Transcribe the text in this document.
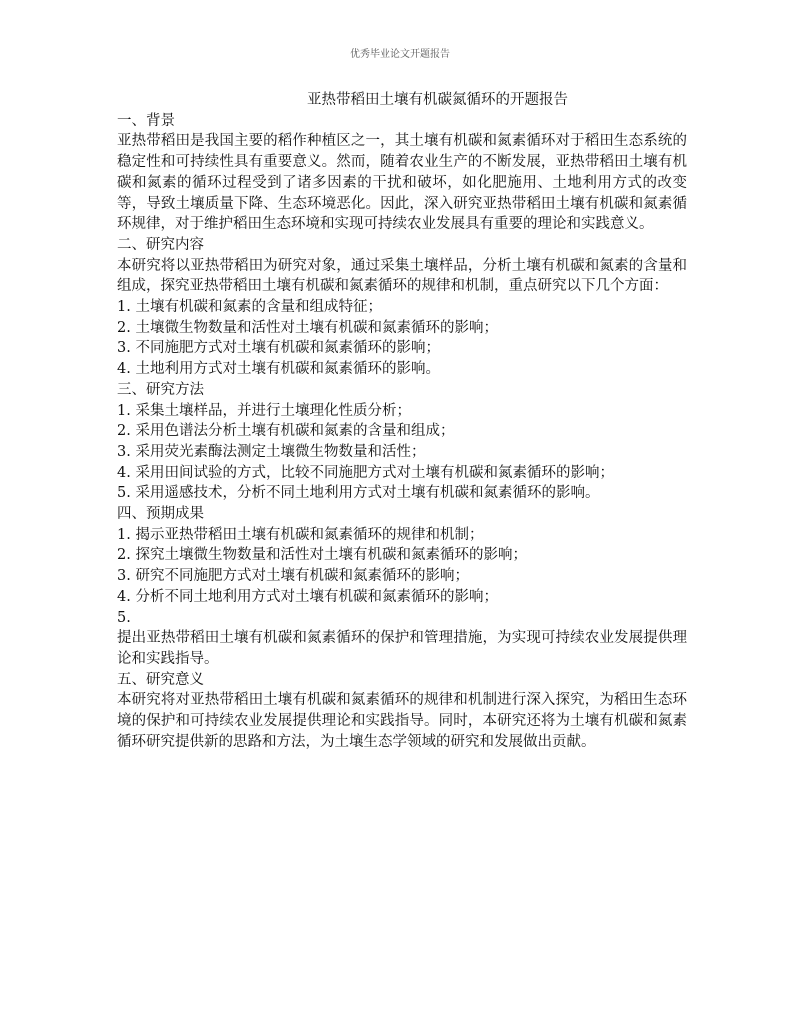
优秀毕业论文开题报告
亚热带稻田土壤有机碳氮循环的开题报告
一、背景
亚热带稻田是我国主要的稻作种植区之一，其土壤有机碳和氮素循环对于稻田生态系统的稳定性和可持续性具有重要意义。然而，随着农业生产的不断发展，亚热带稻田土壤有机碳和氮素的循环过程受到了诸多因素的干扰和破坏，如化肥施用、土地利用方式的改变等，导致土壤质量下降、生态环境恶化。因此，深入研究亚热带稻田土壤有机碳和氮素循环规律，对于维护稻田生态环境和实现可持续农业发展具有重要的理论和实践意义。
二、研究内容
本研究将以亚热带稻田为研究对象，通过采集土壤样品，分析土壤有机碳和氮素的含量和组成，探究亚热带稻田土壤有机碳和氮素循环的规律和机制，重点研究以下几个方面：
1. 土壤有机碳和氮素的含量和组成特征；
2. 土壤微生物数量和活性对土壤有机碳和氮素循环的影响；
3. 不同施肥方式对土壤有机碳和氮素循环的影响；
4. 土地利用方式对土壤有机碳和氮素循环的影响。
三、研究方法
1. 采集土壤样品，并进行土壤理化性质分析；
2. 采用色谱法分析土壤有机碳和氮素的含量和组成；
3. 采用荧光素酶法测定土壤微生物数量和活性；
4. 采用田间试验的方式，比较不同施肥方式对土壤有机碳和氮素循环的影响；
5. 采用遥感技术，分析不同土地利用方式对土壤有机碳和氮素循环的影响。
四、预期成果
1. 揭示亚热带稻田土壤有机碳和氮素循环的规律和机制；
2. 探究土壤微生物数量和活性对土壤有机碳和氮素循环的影响；
3. 研究不同施肥方式对土壤有机碳和氮素循环的影响；
4. 分析不同土地利用方式对土壤有机碳和氮素循环的影响；
5.
提出亚热带稻田土壤有机碳和氮素循环的保护和管理措施，为实现可持续农业发展提供理论和实践指导。
五、研究意义
本研究将对亚热带稻田土壤有机碳和氮素循环的规律和机制进行深入探究，为稻田生态环境的保护和可持续农业发展提供理论和实践指导。同时，本研究还将为土壤有机碳和氮素循环研究提供新的思路和方法，为土壤生态学领域的研究和发展做出贡献。
